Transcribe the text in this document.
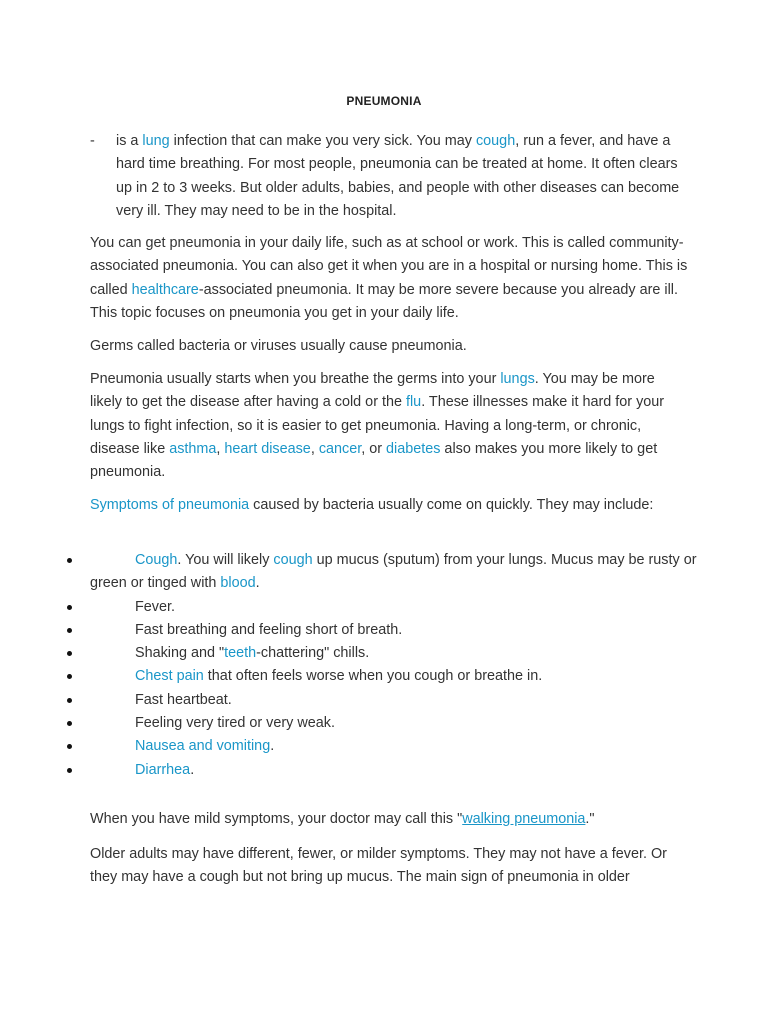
PNEUMONIA
- is a lung infection that can make you very sick. You may cough, run a fever, and have a hard time breathing. For most people, pneumonia can be treated at home. It often clears up in 2 to 3 weeks. But older adults, babies, and people with other diseases can become very ill. They may need to be in the hospital.

You can get pneumonia in your daily life, such as at school or work. This is called community-associated pneumonia. You can also get it when you are in a hospital or nursing home. This is called healthcare-associated pneumonia. It may be more severe because you already are ill. This topic focuses on pneumonia you get in your daily life.

Germs called bacteria or viruses usually cause pneumonia.

Pneumonia usually starts when you breathe the germs into your lungs. You may be more likely to get the disease after having a cold or the flu. These illnesses make it hard for your lungs to fight infection, so it is easier to get pneumonia. Having a long-term, or chronic, disease like asthma, heart disease, cancer, or diabetes also makes you more likely to get pneumonia.

Symptoms of pneumonia caused by bacteria usually come on quickly. They may include:

Cough. You will likely cough up mucus (sputum) from your lungs. Mucus may be rusty or green or tinged with blood.
Fever.
Fast breathing and feeling short of breath.
Shaking and "teeth-chattering" chills.
Chest pain that often feels worse when you cough or breathe in.
Fast heartbeat.
Feeling very tired or very weak.
Nausea and vomiting.
Diarrhea.

When you have mild symptoms, your doctor may call this "walking pneumonia."

Older adults may have different, fewer, or milder symptoms. They may not have a fever. Or they may have a cough but not bring up mucus. The main sign of pneumonia in older
